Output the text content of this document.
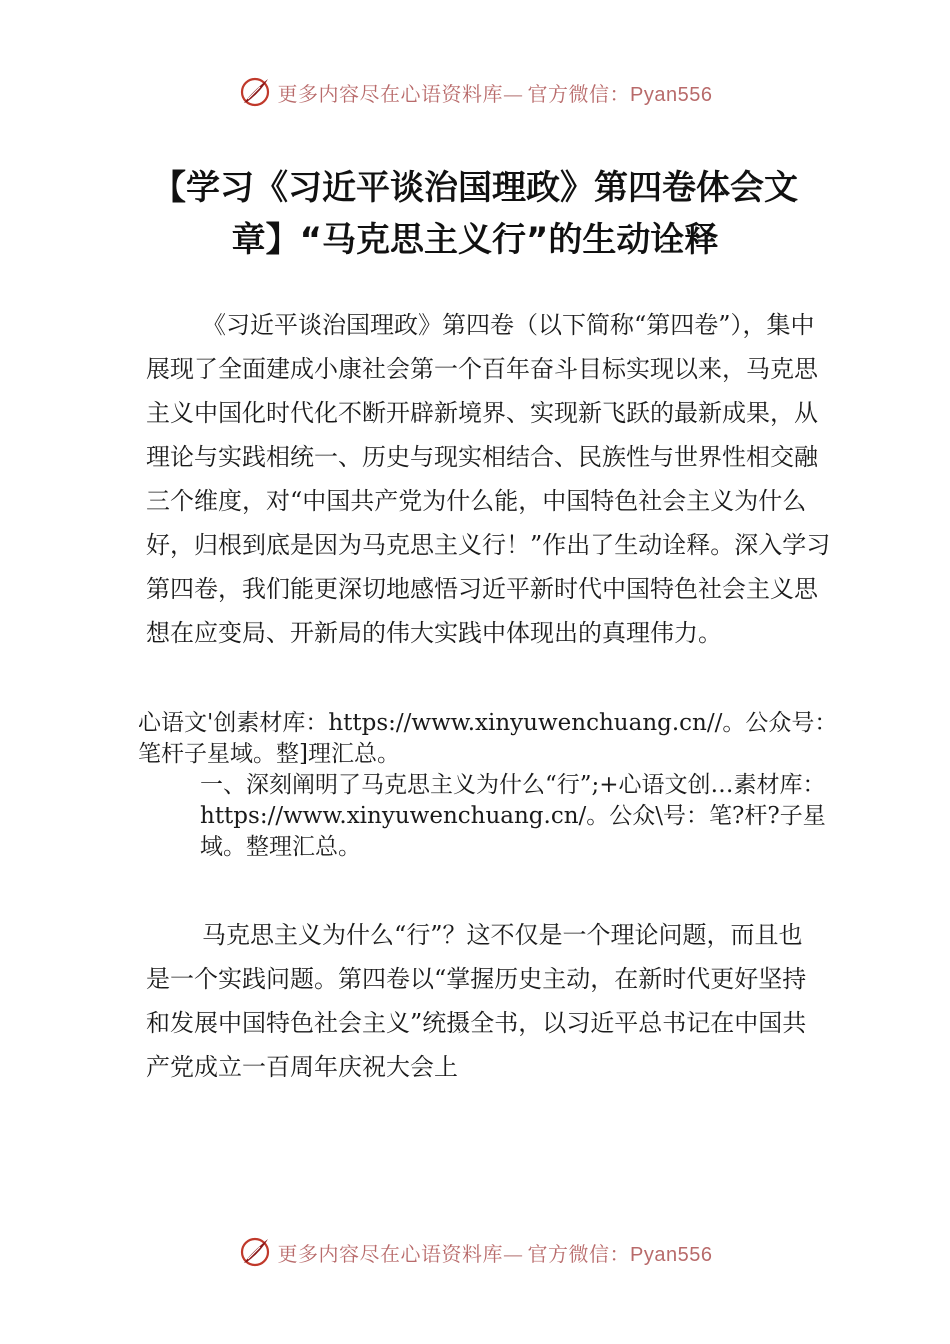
更多内容尽在心语资料库— 官方微信：Pyan556
【学习《习近平谈治国理政》第四卷体会文章】“马克思主义行”的生动诠释

《习近平谈治国理政》第四卷（以下简称“第四卷”），集中展现了全面建成小康社会第一个百年奋斗目标实现以来，马克思主义中国化时代化不断开辟新境界、实现新飞跃的最新成果，从理论与实践相统一、历史与现实相结合、民族性与世界性相交融三个维度，对“中国共产党为什么能，中国特色社会主义为什么好，归根到底是因为马克思主义行！”作出了生动诠释。深入学习第四卷，我们能更深切地感悟习近平新时代中国特色社会主义思想在应变局、开新局的伟大实践中体现出的真理伟力。

心语文'创素材库：https://www.xinyuwenchuang.cn//。公众号：笔杆子星域。整]理汇总。

一、深刻阐明了马克思主义为什么“行”;+心语文创…素材库：https://www.xinyuwenchuang.cn/。公众\号：笔?杆?子星域。整理汇总。

马克思主义为什么“行”？这不仅是一个理论问题，而且也是一个实践问题。第四卷以“掌握历史主动，在新时代更好坚持和发展中国特色社会主义”统摄全书，以习近平总书记在中国共产党成立一百周年庆祝大会上

更多内容尽在心语资料库— 官方微信：Pyan556
